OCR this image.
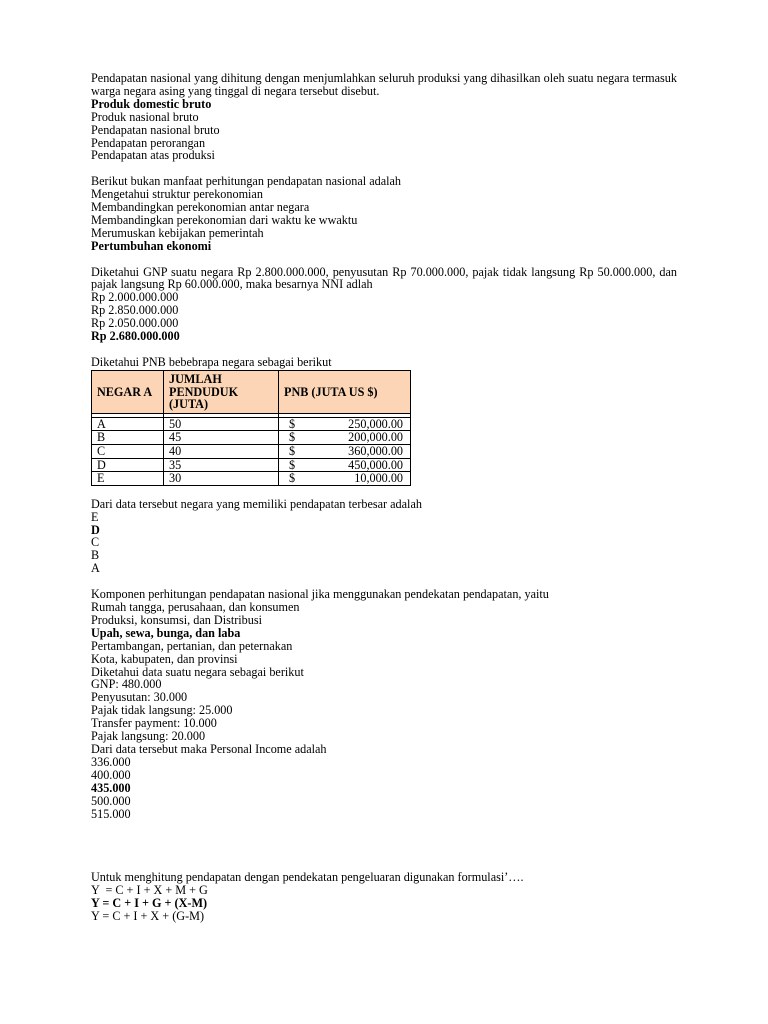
Pendapatan nasional yang dihitung dengan menjumlahkan seluruh produksi yang dihasilkan oleh suatu negara termasuk warga negara asing yang tinggal di negara tersebut disebut.
Produk domestic bruto
Produk nasional bruto
Pendapatan nasional bruto
Pendapatan perorangan
Pendapatan atas produksi
Berikut bukan manfaat perhitungan pendapatan nasional adalah
Mengetahui struktur perekonomian
Membandingkan perekonomian antar negara
Membandingkan perekonomian dari waktu ke wwaktu
Merumuskan kebijakan pemerintah
Pertumbuhan ekonomi
Diketahui GNP suatu negara Rp 2.800.000.000, penyusutan Rp 70.000.000, pajak tidak langsung Rp 50.000.000, dan pajak langsung Rp 60.000.000, maka besarnya NNI adlah
Rp 2.000.000.000
Rp 2.850.000.000
Rp 2.050.000.000
Rp 2.680.000.000
Diketahui PNB bebebrapa negara sebagai berikut
NEGAR A	JUMLAH PENDUDUK (JUTA)	PNB (JUTA US $)

A	50	$ 250,000.00

B	45	$ 200,000.00

C	40	$ 360,000.00

D	35	$ 450,000.00

E	30	$ 10,000.00
Dari data tersebut negara yang memiliki pendapatan terbesar adalah
E
D
C
B
A
Komponen perhitungan pendapatan nasional jika menggunakan pendekatan pendapatan, yaitu
Rumah tangga, perusahaan, dan konsumen
Produksi, konsumsi, dan Distribusi
Upah, sewa, bunga, dan laba
Pertambangan, pertanian, dan peternakan
Kota, kabupaten, dan provinsi
Diketahui data suatu negara sebagai berikut
GNP: 480.000
Penyusutan: 30.000
Pajak tidak langsung: 25.000
Transfer payment: 10.000
Pajak langsung: 20.000
Dari data tersebut maka Personal Income adalah
336.000
400.000
435.000
500.000
515.000
Untuk menghitung pendapatan dengan pendekatan pengeluaran digunakan formulasi’….
Y  = C + I + X + M + G
Y = C + I + G + (X-M)
Y = C + I + X + (G-M)
